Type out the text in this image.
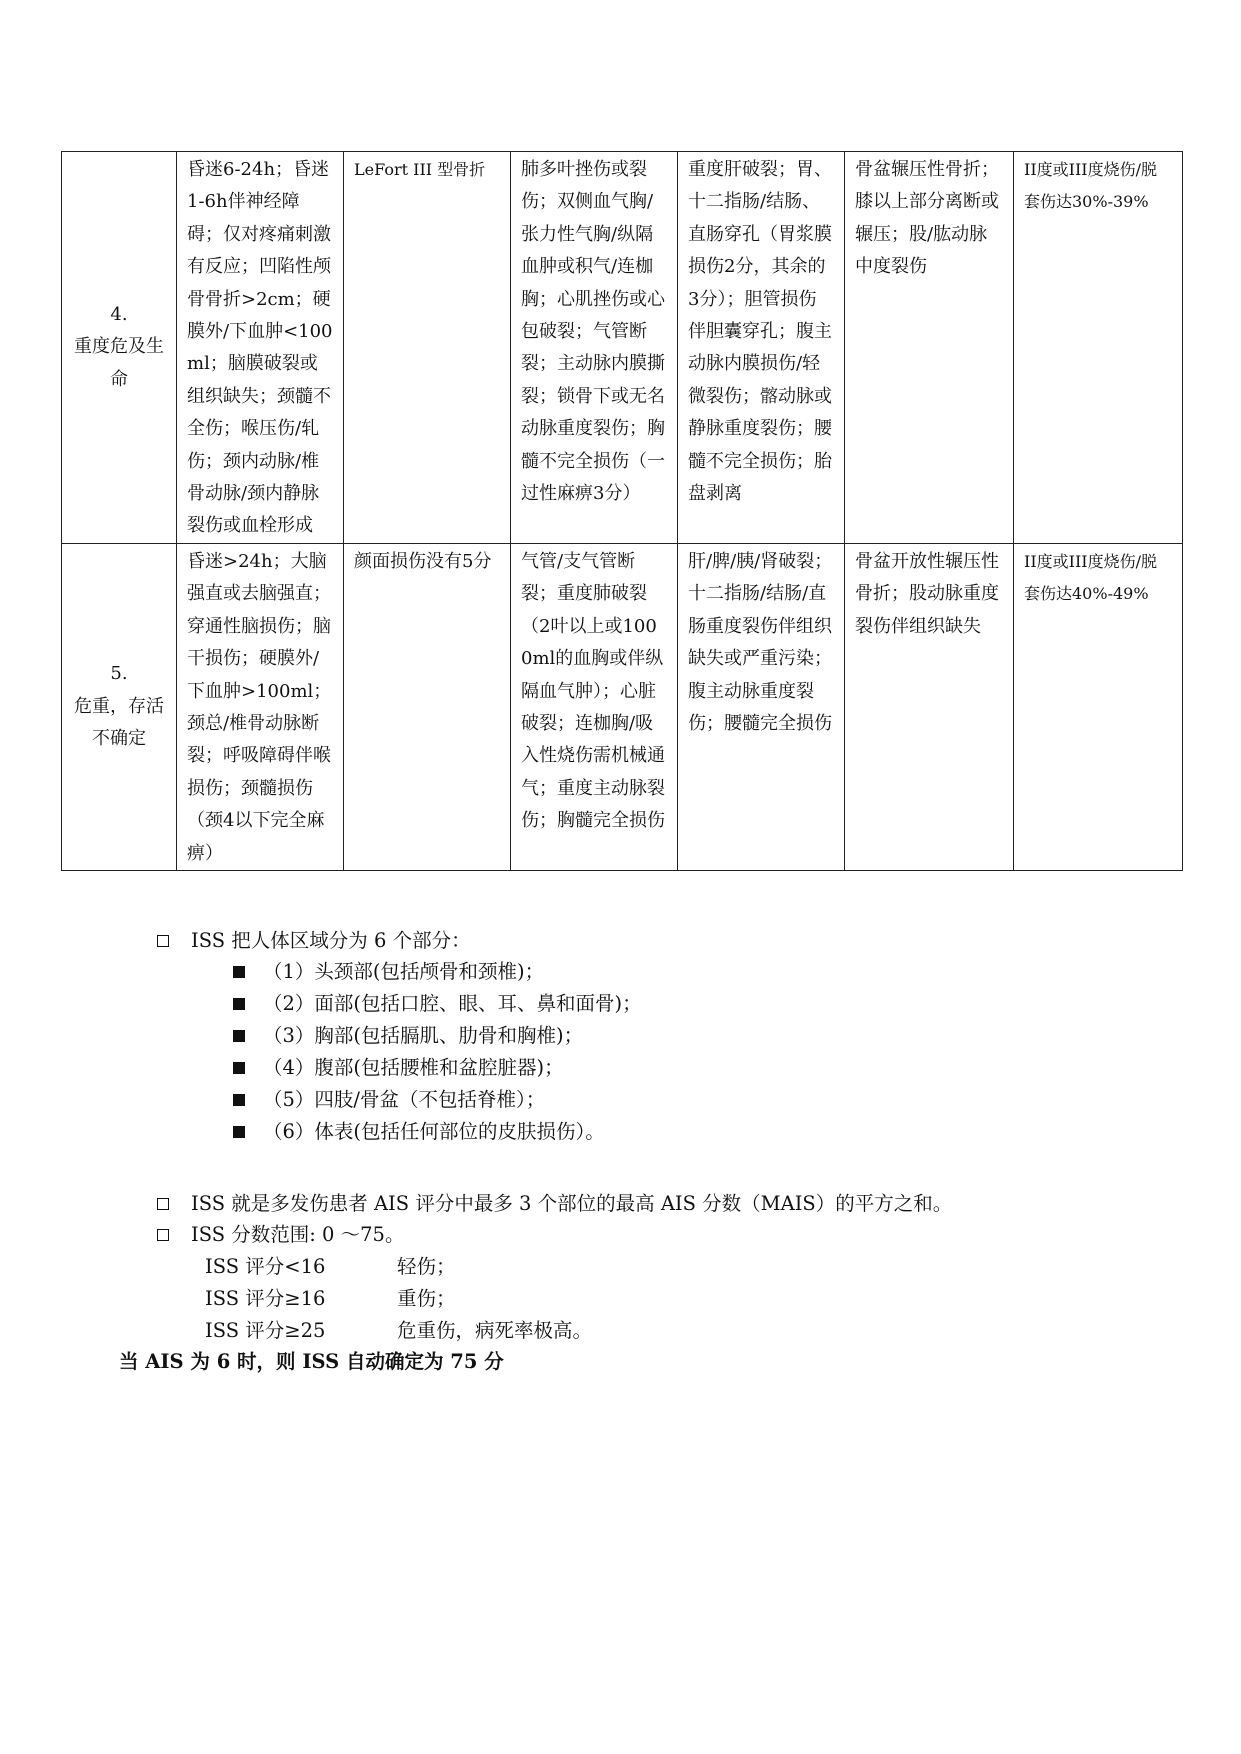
4.
重度危及生命	昏迷6-24h；昏迷1-6h伴神经障碍；仅对疼痛刺激有反应；凹陷性颅骨骨折>2cm；硬膜外/下血肿<100ml；脑膜破裂或组织缺失；颈髓不全伤；喉压伤/轧伤；颈内动脉/椎骨动脉/颈内静脉裂伤或血栓形成	LeFort III 型骨折	肺多叶挫伤或裂伤；双侧血气胸/张力性气胸/纵隔血肿或积气/连枷胸；心肌挫伤或心包破裂；气管断裂；主动脉内膜撕裂；锁骨下或无名动脉重度裂伤；胸髓不完全损伤（一过性麻痹3分）	重度肝破裂；胃、十二指肠/结肠、直肠穿孔（胃浆膜损伤2分，其余的3分）；胆管损伤伴胆囊穿孔；腹主动脉内膜损伤/轻微裂伤；髂动脉或静脉重度裂伤；腰髓不完全损伤；胎盘剥离	骨盆辗压性骨折；膝以上部分离断或辗压；股/肱动脉中度裂伤	II度或III度烧伤/脱套伤达30%-39%

5.
危重，存活不确定	昏迷>24h；大脑强直或去脑强直；穿通性脑损伤；脑干损伤；硬膜外/下血肿>100ml；颈总/椎骨动脉断裂；呼吸障碍伴喉损伤；颈髓损伤（颈4以下完全麻痹）	颜面损伤没有5分	气管/支气管断裂；重度肺破裂（2叶以上或1000ml的血胸或伴纵隔血气肿）；心脏破裂；连枷胸/吸入性烧伤需机械通气；重度主动脉裂伤；胸髓完全损伤	肝/脾/胰/肾破裂；十二指肠/结肠/直肠重度裂伤伴组织缺失或严重污染；腹主动脉重度裂伤；腰髓完全损伤	骨盆开放性辗压性骨折；股动脉重度裂伤伴组织缺失	II度或III度烧伤/脱套伤达40%-49%
ISS 把人体区域分为 6 个部分：
（1）头颈部(包括颅骨和颈椎)；
（2）面部(包括口腔、眼、耳、鼻和面骨)；
（3）胸部(包括膈肌、肋骨和胸椎)；
（4）腹部(包括腰椎和盆腔脏器)；
（5）四肢/骨盆（不包括脊椎）；
（6）体表(包括任何部位的皮肤损伤）。
ISS 就是多发伤患者 AIS 评分中最多 3 个部位的最高 AIS 分数（MAIS）的平方之和。
ISS 分数范围: 0 ～75。
ISS 评分<16	轻伤；
ISS 评分≥16	重伤；
ISS 评分≥25	危重伤，病死率极高。
当 AIS 为 6 时，则 ISS 自动确定为 75 分
